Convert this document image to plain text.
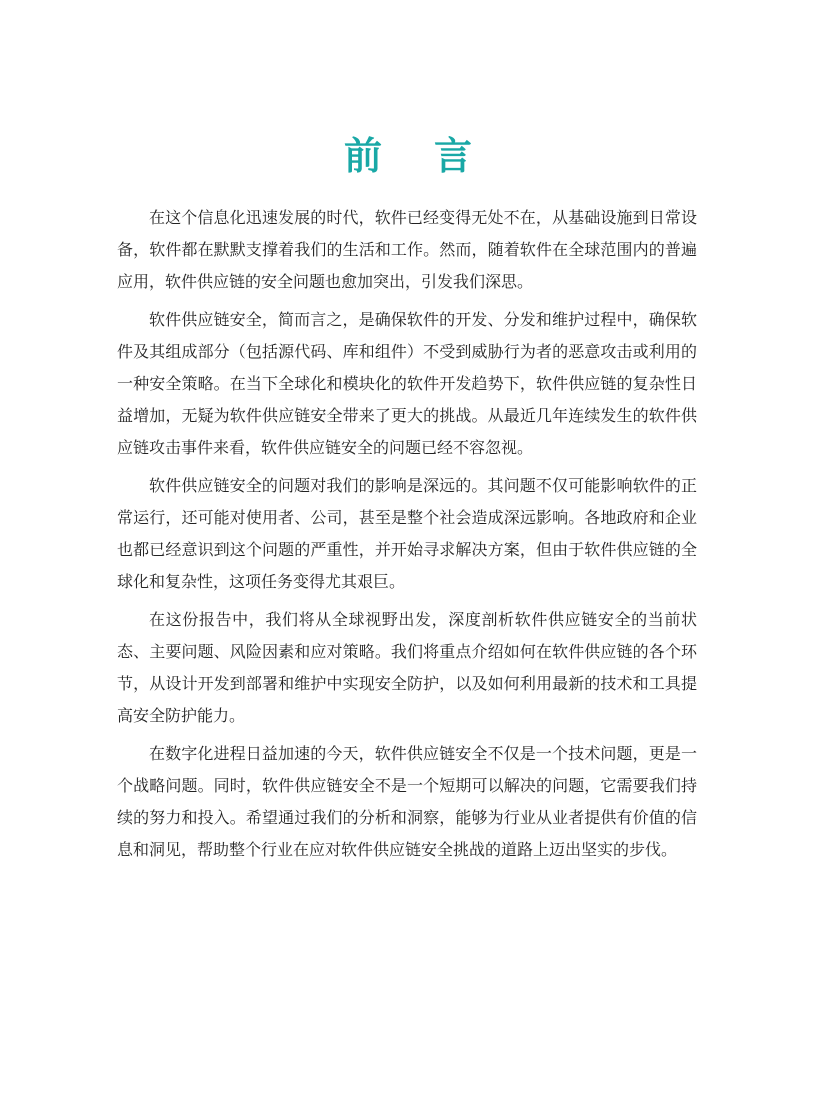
前言

在这个信息化迅速发展的时代，软件已经变得无处不在，从基础设施到日常设备，软件都在默默支撑着我们的生活和工作。然而，随着软件在全球范围内的普遍应用，软件供应链的安全问题也愈加突出，引发我们深思。

软件供应链安全，简而言之，是确保软件的开发、分发和维护过程中，确保软件及其组成部分（包括源代码、库和组件）不受到威胁行为者的恶意攻击或利用的一种安全策略。在当下全球化和模块化的软件开发趋势下，软件供应链的复杂性日益增加，无疑为软件供应链安全带来了更大的挑战。从最近几年连续发生的软件供应链攻击事件来看，软件供应链安全的问题已经不容忽视。

软件供应链安全的问题对我们的影响是深远的。其问题不仅可能影响软件的正常运行，还可能对使用者、公司，甚至是整个社会造成深远影响。各地政府和企业也都已经意识到这个问题的严重性，并开始寻求解决方案，但由于软件供应链的全球化和复杂性，这项任务变得尤其艰巨。

在这份报告中，我们将从全球视野出发，深度剖析软件供应链安全的当前状态、主要问题、风险因素和应对策略。我们将重点介绍如何在软件供应链的各个环节，从设计开发到部署和维护中实现安全防护，以及如何利用最新的技术和工具提高安全防护能力。

在数字化进程日益加速的今天，软件供应链安全不仅是一个技术问题，更是一个战略问题。同时，软件供应链安全不是一个短期可以解决的问题，它需要我们持续的努力和投入。希望通过我们的分析和洞察，能够为行业从业者提供有价值的信息和洞见，帮助整个行业在应对软件供应链安全挑战的道路上迈出坚实的步伐。
